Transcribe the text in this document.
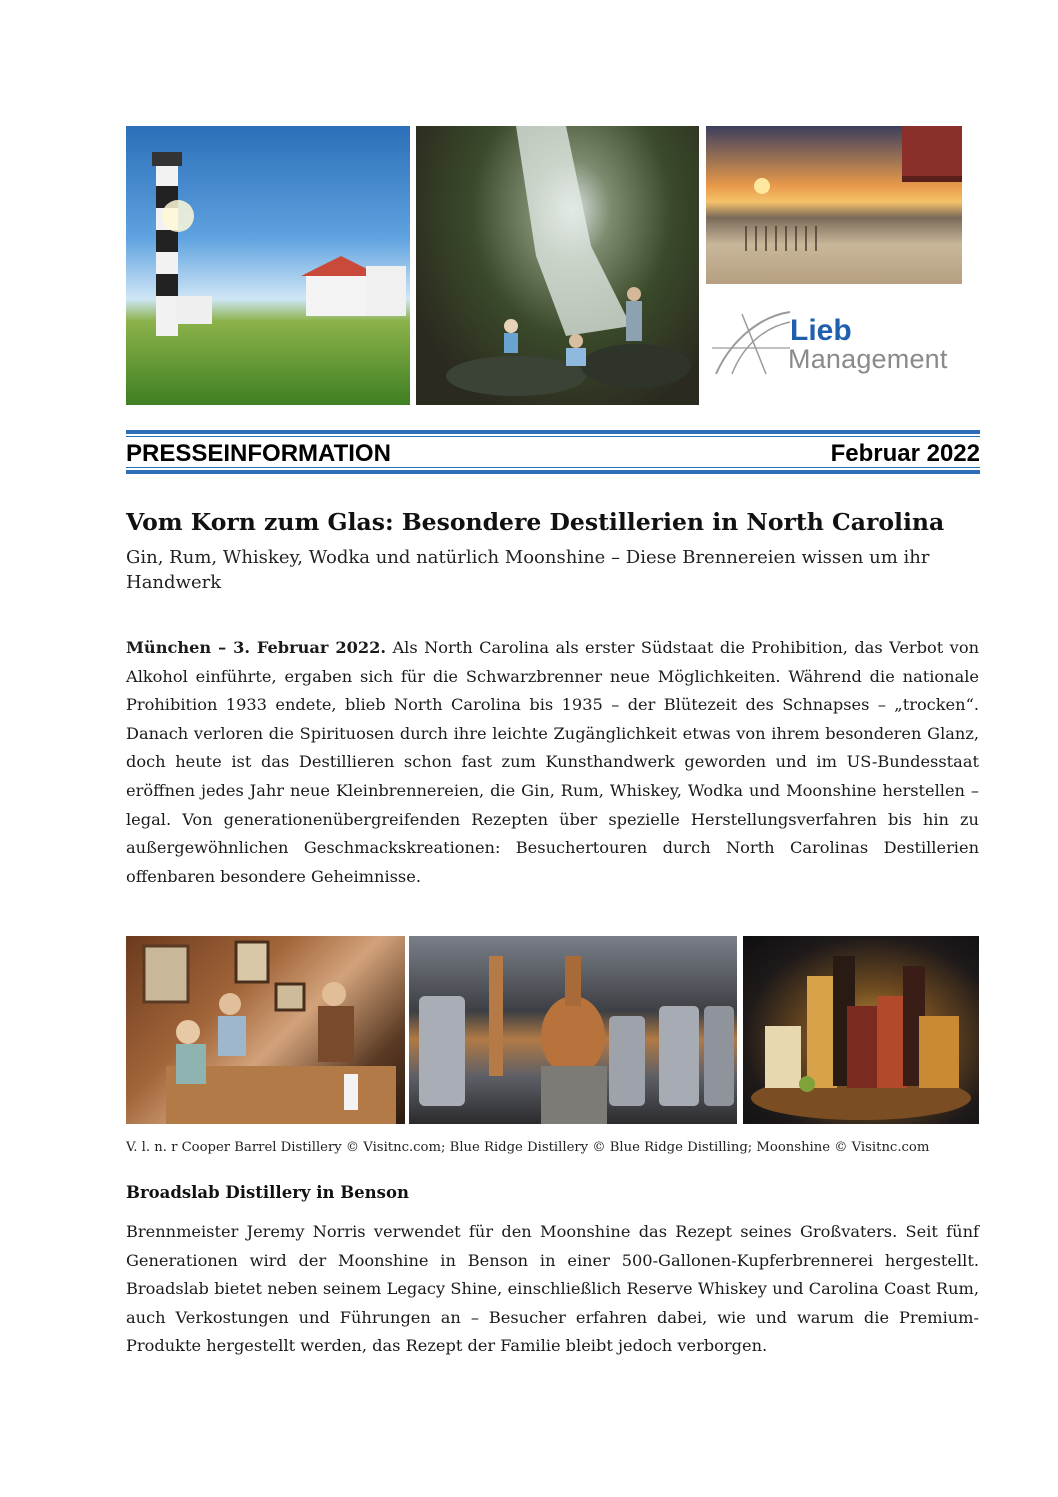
Lieb
Management
PRESSEINFORMATION	Februar 2022
Vom Korn zum Glas: Besondere Destillerien in North Carolina
Gin, Rum, Whiskey, Wodka und natürlich Moonshine – Diese Brennereien wissen um ihr Handwerk
München – 3. Februar 2022. Als North Carolina als erster Südstaat die Prohibition, das Verbot von Alkohol einführte, ergaben sich für die Schwarzbrenner neue Möglichkeiten. Während die nationale Prohibition 1933 endete, blieb North Carolina bis 1935 – der Blütezeit des Schnapses – „trocken“. Danach verloren die Spirituosen durch ihre leichte Zugänglichkeit etwas von ihrem besonderen Glanz, doch heute ist das Destillieren schon fast zum Kunsthandwerk geworden und im US-Bundesstaat eröffnen jedes Jahr neue Kleinbrennereien, die Gin, Rum, Whiskey, Wodka und Moonshine herstellen – legal. Von generationenübergreifenden Rezepten über spezielle Herstellungsverfahren bis hin zu außergewöhnlichen Geschmackskreationen: Besuchertouren durch North Carolinas Destillerien offenbaren besondere Geheimnisse.
V. l. n. r Cooper Barrel Distillery © Visitnc.com; Blue Ridge Distillery © Blue Ridge Distilling; Moonshine © Visitnc.com
Broadslab Distillery in Benson
Brennmeister Jeremy Norris verwendet für den Moonshine das Rezept seines Großvaters. Seit fünf Generationen wird der Moonshine in Benson in einer 500-Gallonen-Kupferbrennerei hergestellt. Broadslab bietet neben seinem Legacy Shine, einschließlich Reserve Whiskey und Carolina Coast Rum, auch Verkostungen und Führungen an – Besucher erfahren dabei, wie und warum die Premium-Produkte hergestellt werden, das Rezept der Familie bleibt jedoch verborgen.
